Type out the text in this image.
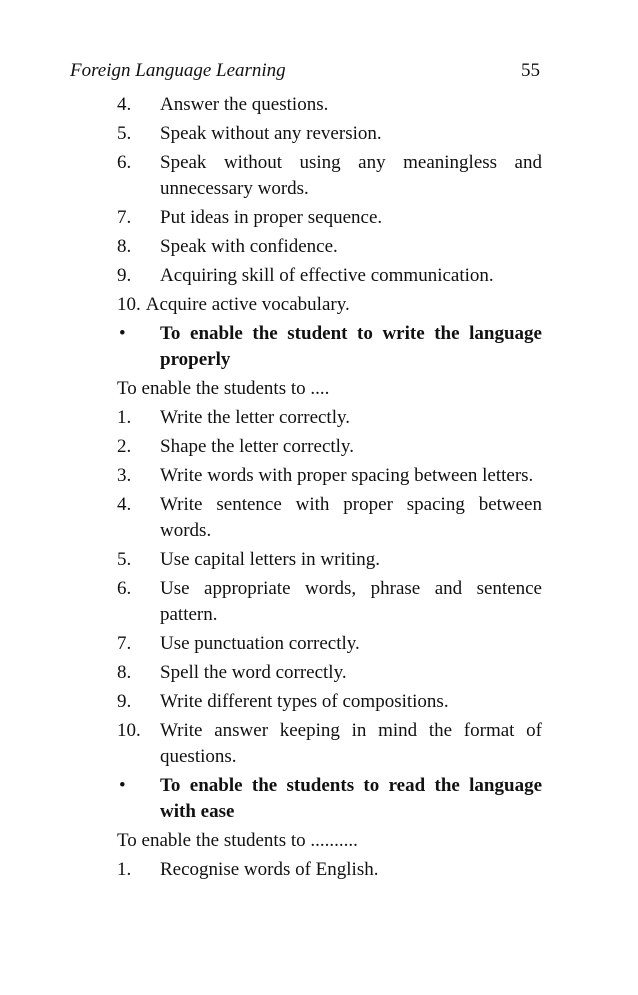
Foreign Language Learning	55
4. Answer the questions.
5. Speak without any reversion.
6. Speak without using any meaningless and unnecessary words.
7. Put ideas in proper sequence.
8. Speak with confidence.
9. Acquiring skill of effective communication.
10. Acquire active vocabulary.
• To enable the student to write the language properly
To enable the students to ....
1. Write the letter correctly.
2. Shape the letter correctly.
3. Write words with proper spacing between letters.
4. Write sentence with proper spacing between words.
5. Use capital letters in writing.
6. Use appropriate words, phrase and sentence pattern.
7. Use punctuation correctly.
8. Spell the word correctly.
9. Write different types of compositions.
10. Write answer keeping in mind the format of questions.
• To enable the students to read the language with ease
To enable the students to ..........
1. Recognise words of English.
